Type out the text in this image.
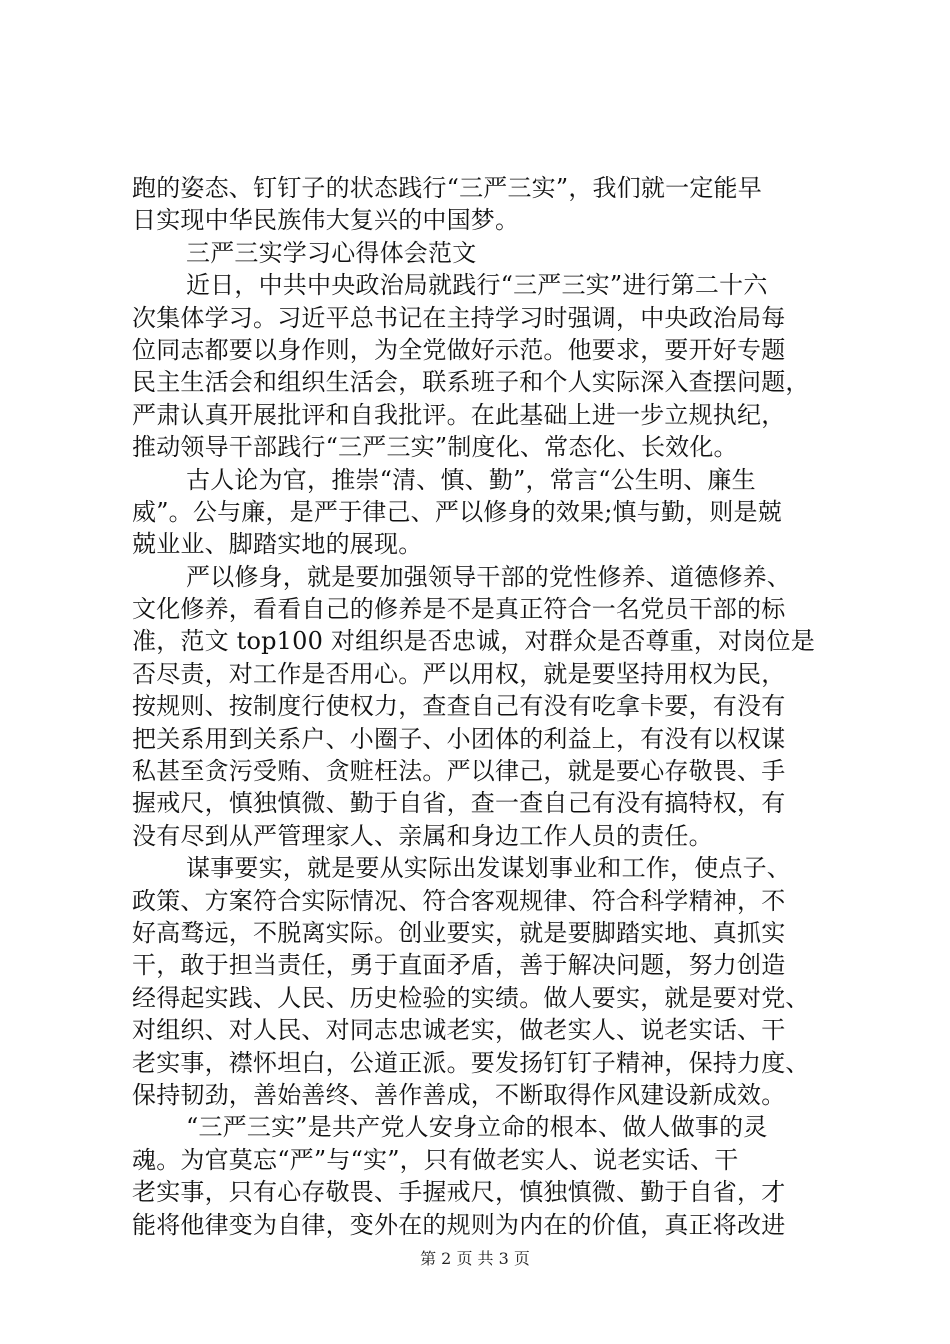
跑的姿态、钉钉子的状态践行“三严三实”，我们就一定能早
日实现中华民族伟大复兴的中国梦。
三严三实学习心得体会范文
近日，中共中央政治局就践行“三严三实”进行第二十六
次集体学习。习近平总书记在主持学习时强调，中央政治局每
位同志都要以身作则，为全党做好示范。他要求，要开好专题
民主生活会和组织生活会，联系班子和个人实际深入查摆问题，
严肃认真开展批评和自我批评。在此基础上进一步立规执纪，
推动领导干部践行“三严三实”制度化、常态化、长效化。
古人论为官，推崇“清、慎、勤”，常言“公生明、廉生
威”。公与廉，是严于律己、严以修身的效果;慎与勤，则是兢
兢业业、脚踏实地的展现。
严以修身，就是要加强领导干部的党性修养、道德修养、
文化修养，看看自己的修养是不是真正符合一名党员干部的标
准，范文 top100 对组织是否忠诚，对群众是否尊重，对岗位是
否尽责，对工作是否用心。严以用权，就是要坚持用权为民，
按规则、按制度行使权力，查查自己有没有吃拿卡要，有没有
把关系用到关系户、小圈子、小团体的利益上，有没有以权谋
私甚至贪污受贿、贪赃枉法。严以律己，就是要心存敬畏、手
握戒尺，慎独慎微、勤于自省，查一查自己有没有搞特权，有
没有尽到从严管理家人、亲属和身边工作人员的责任。
谋事要实，就是要从实际出发谋划事业和工作，使点子、
政策、方案符合实际情况、符合客观规律、符合科学精神，不
好高骛远，不脱离实际。创业要实，就是要脚踏实地、真抓实
干，敢于担当责任，勇于直面矛盾，善于解决问题，努力创造
经得起实践、人民、历史检验的实绩。做人要实，就是要对党、
对组织、对人民、对同志忠诚老实，做老实人、说老实话、干
老实事，襟怀坦白，公道正派。要发扬钉钉子精神，保持力度、
保持韧劲，善始善终、善作善成，不断取得作风建设新成效。
“三严三实”是共产党人安身立命的根本、做人做事的灵
魂。为官莫忘“严”与“实”，只有做老实人、说老实话、干
老实事，只有心存敬畏、手握戒尺，慎独慎微、勤于自省，才
能将他律变为自律，变外在的规则为内在的价值，真正将改进
第 2 页 共 3 页
